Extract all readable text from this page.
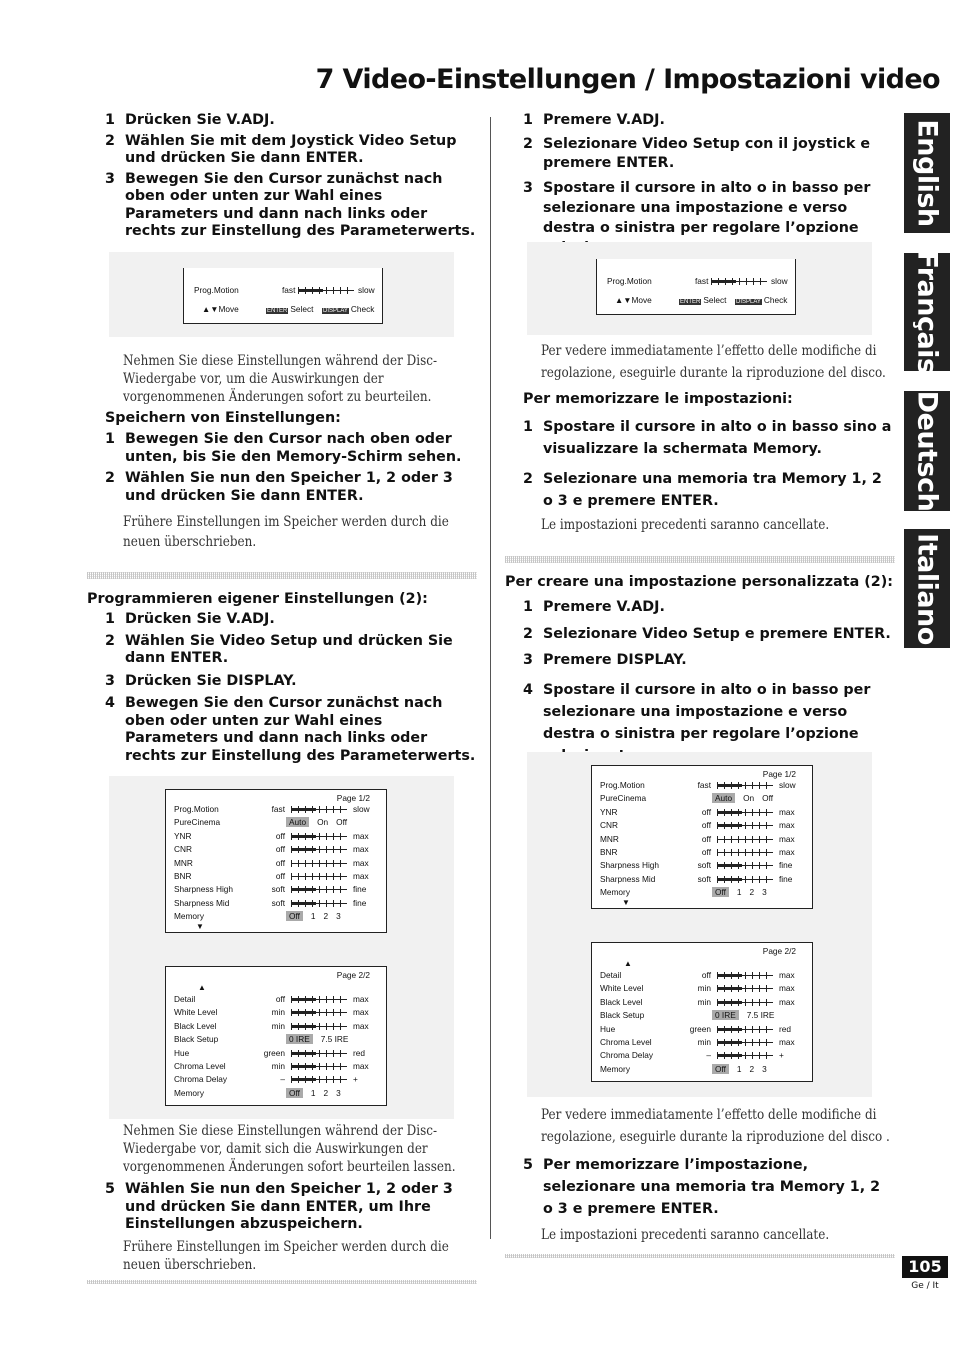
7 Video-Einstellungen / Impostazioni video
English
Français
Deutsch
Italiano
1 Drücken Sie V.ADJ.
2 Wählen Sie mit dem Joystick Video Setup und drücken Sie dann ENTER.
3 Bewegen Sie den Cursor zunächst nach oben oder unten zur Wahl eines Parameters und dann nach links oder rechts zur Einstellung des Parameterwerts.
Prog.Motion	fast	slow
▲▼Move	ENTER Select DISPLAY Check
Nehmen Sie diese Einstellungen während der Disc-Wiedergabe vor, um die Auswirkungen der vorgenommenen Änderungen sofort zu beurteilen.
Speichern von Einstellungen:
1 Bewegen Sie den Cursor nach oben oder unten, bis Sie den Memory-Schirm sehen.
2 Wählen Sie nun den Speicher 1, 2 oder 3 und drücken Sie dann ENTER.
Frühere Einstellungen im Speicher werden durch die neuen überschrieben.
Programmieren eigener Einstellungen (2):
1 Drücken Sie V.ADJ.
2 Wählen Sie Video Setup und drücken Sie dann ENTER.
3 Drücken Sie DISPLAY.
4 Bewegen Sie den Cursor zunächst nach oben oder unten zur Wahl eines Parameters und dann nach links oder rechts zur Einstellung des Parameterwerts.
Page 1/2
▼
Prog.Motion	fast	slow
PureCinema	Auto On Off
YNR	off	max
CNR	off	max
MNR	off	max
BNR	off	max
Sharpness High	soft	fine
Sharpness Mid	soft	fine
Memory	Off 1 2 3
Page 2/2
▲
Detail	off	max
White Level	min	max
Black Level	min	max
Black Setup	0 IRE 7.5 IRE
Hue	green	red
Chroma Level	min	max
Chroma Delay	–	+
Memory	Off 1 2 3
Nehmen Sie diese Einstellungen während der Disc-Wiedergabe vor, damit sich die Auswirkungen der vorgenommenen Änderungen sofort beurteilen lassen.
5 Wählen Sie nun den Speicher 1, 2 oder 3 und drücken Sie dann ENTER, um Ihre Einstellungen abzuspeichern.
Frühere Einstellungen im Speicher werden durch die neuen überschrieben.
1 Premere V.ADJ.
2 Selezionare Video Setup con il joystick e premere ENTER.
3 Spostare il cursore in alto o in basso per selezionare una impostazione e verso destra o sinistra per regolare l’opzione
Prog.Motion	fast	slow
▲▼Move	ENTER Select DISPLAY Check
Per vedere immediatamente l’effetto delle modifiche di regolazione, eseguirle durante la riproduzione del disco.
Per memorizzare le impostazioni:
1 Spostare il cursore in alto o in basso sino a visualizzare la schermata Memory.
2 Selezionare una memoria tra Memory 1, 2 o 3 e premere ENTER.
Le impostazioni precedenti saranno cancellate.
Per creare una impostazione personalizzata (2):
1 Premere V.ADJ.
2 Selezionare Video Setup e premere ENTER.
3 Premere DISPLAY.
4 Spostare il cursore in alto o in basso per selezionare una impostazione e verso destra o sinistra per regolare l’opzione
Page 1/2
▼
Prog.Motion	fast	slow
PureCinema	Auto On Off
YNR	off	max
CNR	off	max
MNR	off	max
BNR	off	max
Sharpness High	soft	fine
Sharpness Mid	soft	fine
Memory	Off 1 2 3
Page 2/2
▲
Detail	off	max
White Level	min	max
Black Level	min	max
Black Setup	0 IRE 7.5 IRE
Hue	green	red
Chroma Level	min	max
Chroma Delay	–	+
Memory	Off 1 2 3
Per vedere immediatamente l’effetto delle modifiche di regolazione, eseguirle durante la riproduzione del disco .
5 Per memorizzare l’impostazione, selezionare una memoria tra Memory 1, 2 o 3 e premere ENTER.
Le impostazioni precedenti saranno cancellate.
105
Ge / It
